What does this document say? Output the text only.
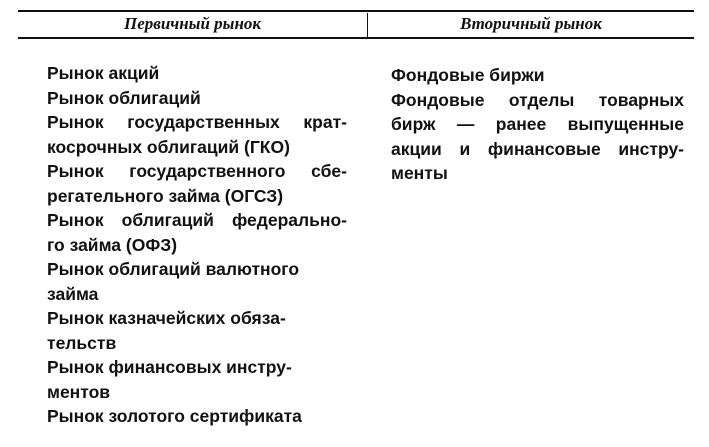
Первичный рынок	Вторичный рынок
Рынок акций
Рынок облигаций
Рынок государственных крат-
косрочных облигаций (ГКО)
Рынок государственного сбе-
регательного займа (ОГСЗ)
Рынок облигаций федерально-
го займа (ОФЗ)
Рынок облигаций валютного
займа
Рынок казначейских обяза-
тельств
Рынок финансовых инстру-
ментов
Рынок золотого сертификата
Фондовые биржи
Фондовые отделы товарных
бирж — ранее выпущенные
акции и финансовые инстру-
менты
